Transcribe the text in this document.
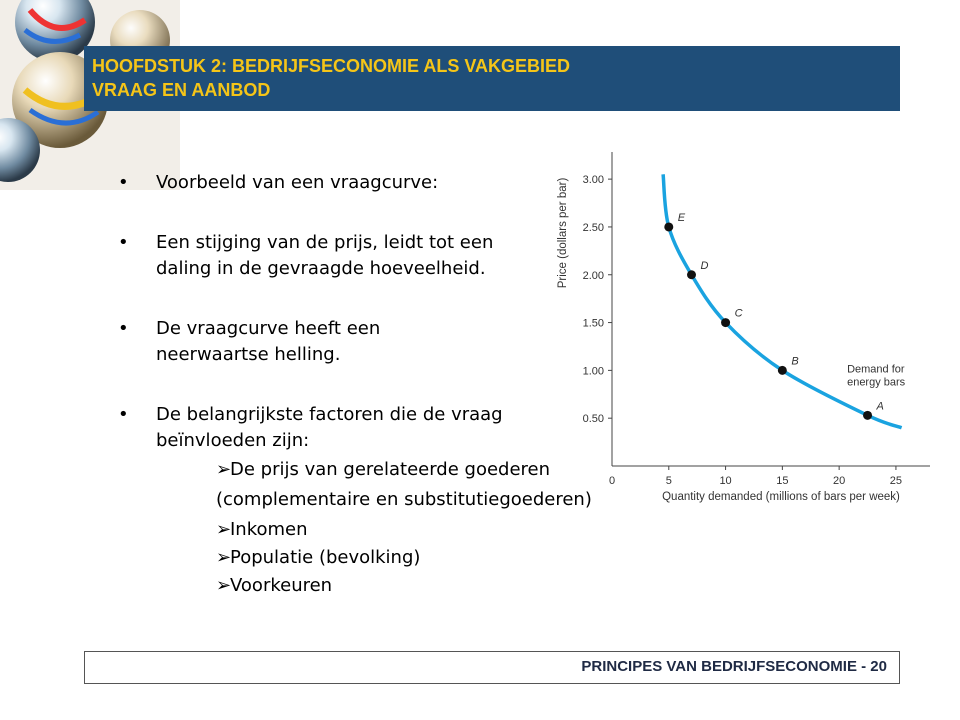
HOOFDSTUK 2: BEDRIJFSECONOMIE ALS VAKGEBIED
VRAAG EN AANBOD
• Voorbeeld van een vraagcurve:
• Een stijging van de prijs, leidt tot een daling in de gevraagde hoeveelheid.
• De vraagcurve heeft een neerwaartse helling.
• De belangrijkste factoren die de vraag beïnvloeden zijn:
➢De prijs van gerelateerde goederen
(complementaire en substitutiegoederen)
➢Inkomen
➢Populatie (bevolking)
➢Voorkeuren
0.50
1.00
1.50
2.00
2.50
3.00
0	5	10	15	20	25
Quantity demanded (millions of bars per week)
Price (dollars per bar)
Demand for
energy bars
E
D
C
B
A
PRINCIPES VAN BEDRIJFSECONOMIE - 20
